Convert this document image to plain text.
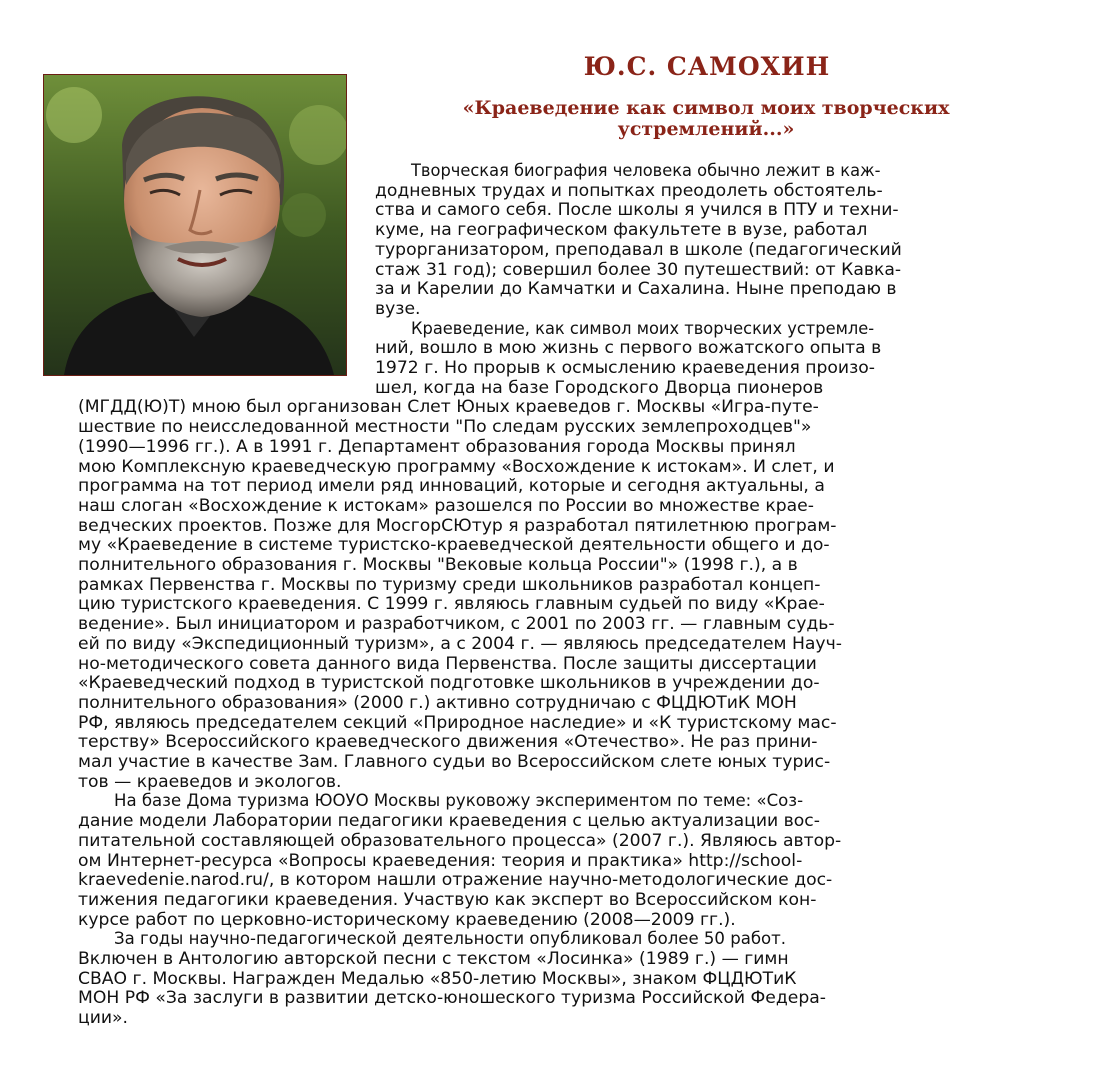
Ю.С. САМОХИН
«Краеведение как символ моих творческих
устремлений...»
Творческая биография человека обычно лежит в каж-
додневных трудах и попытках преодолеть обстоятель-
ства и самого себя. После школы я учился в ПТУ и техни-
куме, на географическом факультете в вузе, работал
турорганизатором, преподавал в школе (педагогический
стаж 31 год); совершил более 30 путешествий: от Кавка-
за и Карелии до Камчатки и Сахалина. Ныне преподаю в
вузе.
Краеведение, как символ моих творческих устремле-
ний, вошло в мою жизнь с первого вожатского опыта в
1972 г. Но прорыв к осмыслению краеведения произо-
шел, когда на базе Городского Дворца пионеров
(МГДД(Ю)Т) мною был организован Слет Юных краеведов г. Москвы «Игра-путе-
шествие по неисследованной местности "По следам русских землепроходцев"»
(1990—1996 гг.). А в 1991 г. Департамент образования города Москвы принял
мою Комплексную краеведческую программу «Восхождение к истокам». И слет, и
программа на тот период имели ряд инноваций, которые и сегодня актуальны, а
наш слоган «Восхождение к истокам» разошелся по России во множестве крае-
ведческих проектов. Позже для МосгорСЮтур я разработал пятилетнюю програм-
му «Краеведение в системе туристско-краеведческой деятельности общего и до-
полнительного образования г. Москвы "Вековые кольца России"» (1998 г.), а в
рамках Первенства г. Москвы по туризму среди школьников разработал концеп-
цию туристского краеведения. С 1999 г. являюсь главным судьей по виду «Крае-
ведение». Был инициатором и разработчиком, с 2001 по 2003 гг. — главным судь-
ей по виду «Экспедиционный туризм», а с 2004 г. — являюсь председателем Науч-
но-методического совета данного вида Первенства. После защиты диссертации
«Краеведческий подход в туристской подготовке школьников в учреждении до-
полнительного образования» (2000 г.) активно сотрудничаю с ФЦДЮТиК МОН
РФ, являюсь председателем секций «Природное наследие» и «К туристскому мас-
терству» Всероссийского краеведческого движения «Отечество». Не раз прини-
мал участие в качестве Зам. Главного судьи во Всероссийском слете юных турис-
тов — краеведов и экологов.
На базе Дома туризма ЮОУО Москвы руковожу экспериментом по теме: «Соз-
дание модели Лаборатории педагогики краеведения с целью актуализации вос-
питательной составляющей образовательного процесса» (2007 г.). Являюсь автор-
ом Интернет-ресурса «Вопросы краеведения: теория и практика» http://school-
kraevedenie.narod.ru/, в котором нашли отражение научно-методологические дос-
тижения педагогики краеведения. Участвую как эксперт во Всероссийском кон-
курсе работ по церковно-историческому краеведению (2008—2009 гг.).
За годы научно-педагогической деятельности опубликовал более 50 работ.
Включен в Антологию авторской песни с текстом «Лосинка» (1989 г.) — гимн
СВАО г. Москвы. Награжден Медалью «850-летию Москвы», знаком ФЦДЮТиК
МОН РФ «За заслуги в развитии детско-юношеского туризма Российской Федера-
ции».
